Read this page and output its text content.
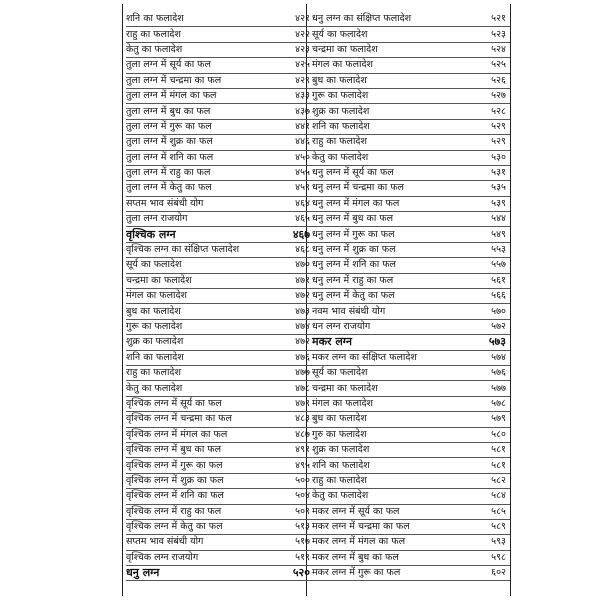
शनि का फलादेश	४२१
राहु का फलादेश	४२२
केतु का फलादेश	४२३
तुला लग्न में सूर्य का फल	४२५
तुला लग्न में चन्द्रमा का फल	४२९
तुला लग्न में मंगल का फल	४३३
तुला लग्न में बुध का फल	४३७
तुला लग्न में गुरू का फल	४४१
तुला लग्न में शुक्र का फल	४४६
तुला लग्न में शनि का फल	४५०
तुला लग्न में राहु का फल	४५५
तुला लग्न में केतु का फल	४५९
सप्तम भाव संबंधी योग	४६४
तुला लग्न राजयोग	४६५
वृश्चिक लग्न	४६७
वृश्चिक लग्न का संक्षिप्त फलादेश	४६८
सूर्य का फलादेश	४७०
चन्द्रमा का फलादेश	४७१
मंगल का फलादेश	४७२
बुध का फलादेश	४७३
गुरू का फलादेश	४७४
शुक्र का फलादेश	४७२
शनि का फलादेश	४७६
राहु का फलादेश	४७७
केतु का फलादेश	४७८
वृश्चिक लग्न में सूर्य का फल	४७९
वृश्चिक लग्न में चन्द्रमा का फल	४८३
वृश्चिक लग्न में मंगल का फल	४८७
वृश्चिक लग्न में बुध का फल	४९१
वृश्चिक लग्न में गुरू का फल	४९५
वृश्चिक लग्न में शुक्र का फल	५००
वृश्चिक लग्न में शनि का फल	५०४
वृश्चिक लग्न में राहु का फल	५०९
वृश्चिक लग्न में केतु का फल	५१३
सप्तम भाव संबंधी योग	५१७
वृश्चिक लग्न राजयोग	५१९
धनु लग्न	५२०
धनु लग्न का संक्षिप्त फलादेश	५२१
सूर्य का फलादेश	५२३
चन्द्रमा का फलादेश	५२४
मंगल का फलादेश	५२५
बुध का फलादेश	५२६
गुरू का फलादेश	५२७
शुक्र का फलादेश	५२८
शनि का फलादेश	५२९
राहु का फलादेश	५२९
केतु का फलादेश	५३०
धनु लग्न में सूर्य का फल	५३१
धनु लग्न में चन्द्रमा का फल	५३५
धनु लग्न में मंगल का फल	५३९
धनु लग्न में बुध का फल	५४४
धनु लग्न में गुरू का फल	५४९
धनु लग्न में शुक्र का फल	५५३
धनु लग्न में शनि का फल	५५७
धनु लग्न में राहु का फल	५६१
धनु लग्न में केतु का फल	५६६
नवम भाव संबंधी योग	५७०
धन लग्न राजयोग	५७२
मकर लग्न	५७३
मकर लग्न का संक्षिप्त फलादेश	५७४
सूर्य का फलादेश	५७६
चन्द्रमा का फलादेश	५७७
मंगल का फलादेश	५७८
बुध का फलादेश	५७९
गुरु का फलादेश	५८०
शुक्र का फलादेश	५८१
शनि का फलादेश	५८१
राहु का फलादेश	५८२
केतु का फलादेश	५८४
मकर लग्न में सूर्य का फल	५८५
मकर लग्न में चन्द्रमा का फल	५८९
मकर लग्न में मंगल का फल	५९३
मकर लग्न में बुध का फल	५९८
मकर लग्न में गुरू का फल	६०२
